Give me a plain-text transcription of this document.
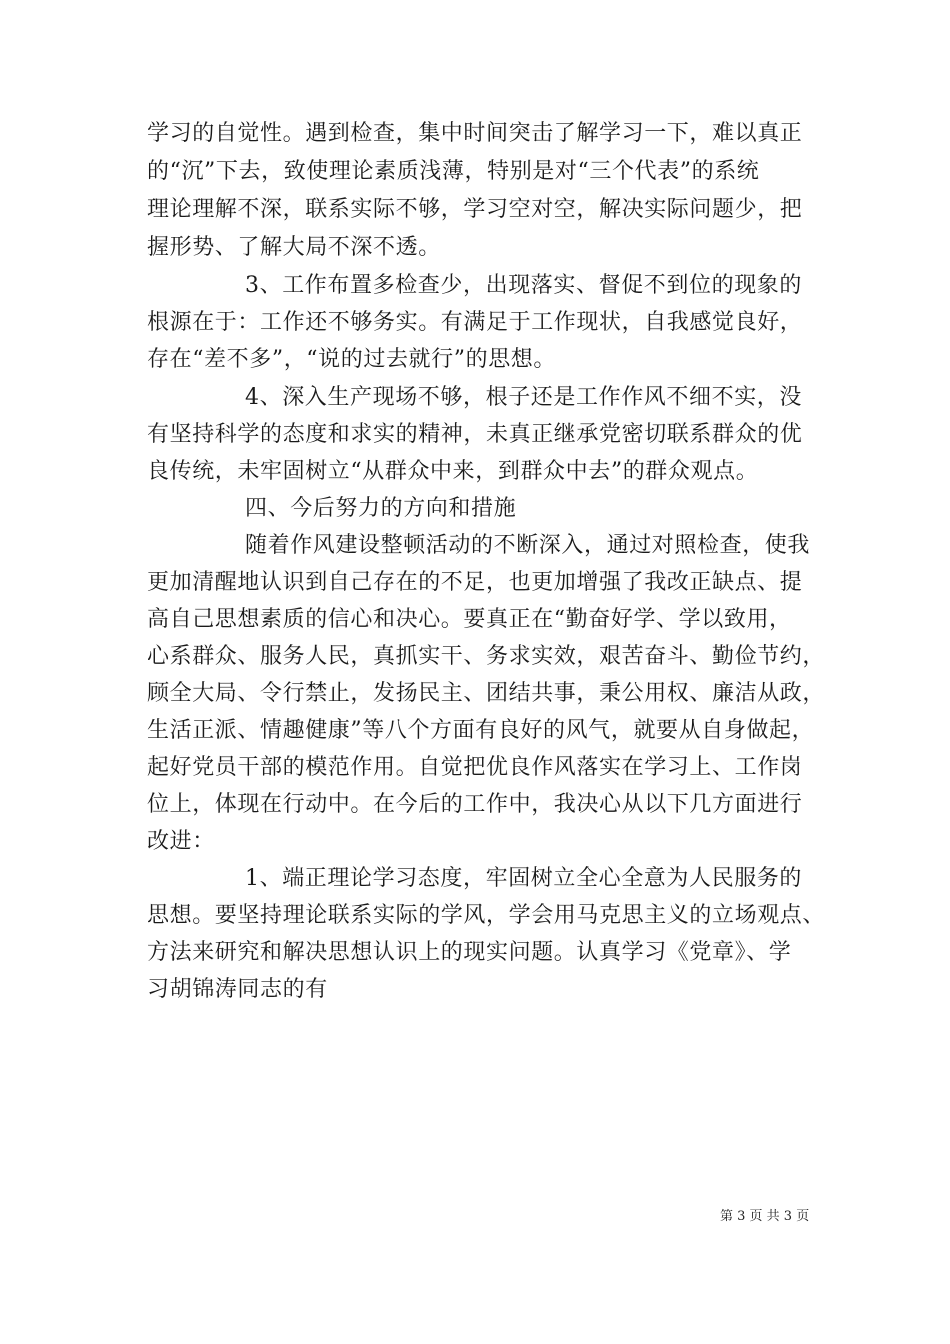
学习的自觉性。遇到检查，集中时间突击了解学习一下，难以真正
的“沉”下去，致使理论素质浅薄，特别是对“三个代表”的系统
理论理解不深，联系实际不够，学习空对空，解决实际问题少，把
握形势、了解大局不深不透。
3、工作布置多检查少，出现落实、督促不到位的现象的
根源在于：工作还不够务实。有满足于工作现状，自我感觉良好，
存在“差不多”，“说的过去就行”的思想。
4、深入生产现场不够，根子还是工作作风不细不实，没
有坚持科学的态度和求实的精神，未真正继承党密切联系群众的优
良传统，未牢固树立“从群众中来，到群众中去”的群众观点。
四、今后努力的方向和措施
随着作风建设整顿活动的不断深入，通过对照检查，使我
更加清醒地认识到自己存在的不足，也更加增强了我改正缺点、提
高自己思想素质的信心和决心。要真正在“勤奋好学、学以致用，
心系群众、服务人民，真抓实干、务求实效，艰苦奋斗、勤俭节约，
顾全大局、令行禁止，发扬民主、团结共事，秉公用权、廉洁从政，
生活正派、情趣健康”等八个方面有良好的风气，就要从自身做起，
起好党员干部的模范作用。自觉把优良作风落实在学习上、工作岗
位上，体现在行动中。在今后的工作中，我决心从以下几方面进行
改进：
1、端正理论学习态度，牢固树立全心全意为人民服务的
思想。要坚持理论联系实际的学风，学会用马克思主义的立场观点、
方法来研究和解决思想认识上的现实问题。认真学习《党章》、学
习胡锦涛同志的有
第 3 页 共 3 页
